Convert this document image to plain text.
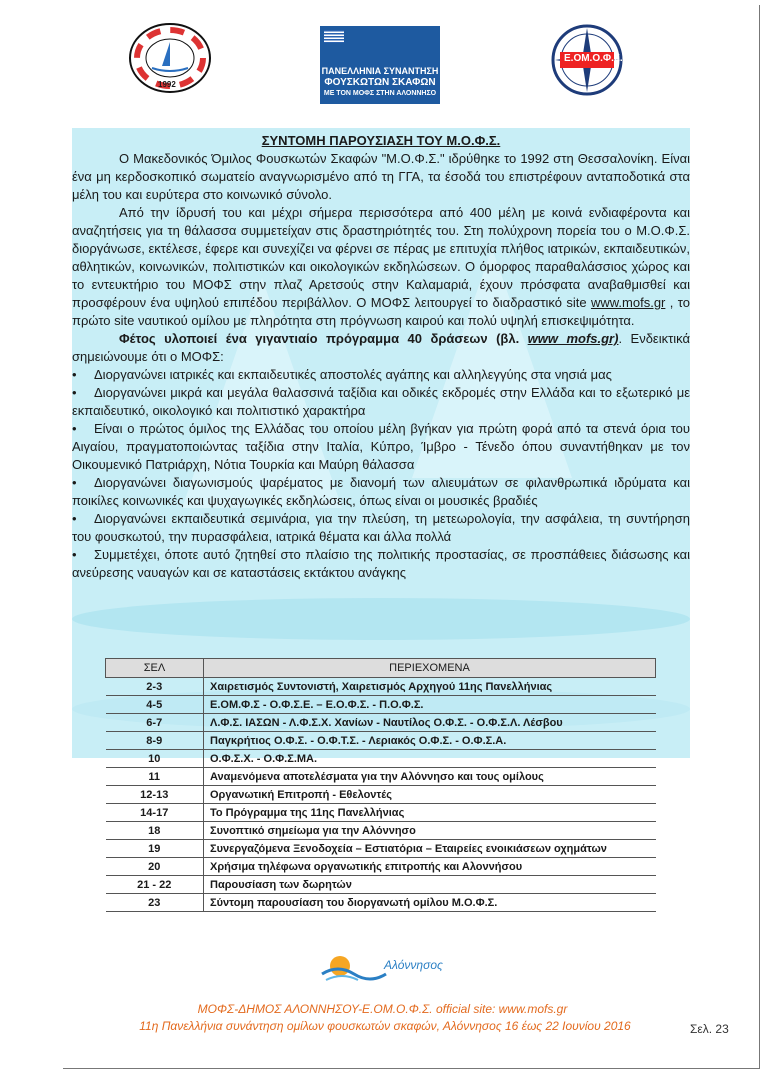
1992
ΠΑΝΕΛΛΗΝΙΑ ΣΥΝΑΝΤΗΣΗ
ΦΟΥΣΚΩΤΩΝ ΣΚΑΦΩΝ
ΜΕ ΤΟΝ ΜΟΦΣ ΣΤΗΝ ΑΛΟΝΝΗΣΟ
Ε.ΟΜ.Ο.Φ.Σ.

ΣΥΝΤΟΜΗ ΠΑΡΟΥΣΙΑΣΗ ΤΟΥ Μ.Ο.Φ.Σ.

Ο Μακεδονικός Όμιλος Φουσκωτών Σκαφών "Μ.Ο.Φ.Σ." ιδρύθηκε το 1992 στη Θεσσαλονίκη. Είναι ένα μη κερδοσκοπικό σωματείο αναγνωρισμένο από τη ΓΓΑ, τα έσοδά του επιστρέφουν ανταποδοτικά στα μέλη του και ευρύτερα στο κοινωνικό σύνολο.

Από την ίδρυσή του και μέχρι σήμερα περισσότερα από 400 μέλη με κοινά ενδιαφέροντα και αναζητήσεις για τη θάλασσα συμμετείχαν στις δραστηριότητές του. Στη πολύχρονη πορεία του ο Μ.Ο.Φ.Σ. διοργάνωσε, εκτέλεσε, έφερε και συνεχίζει να φέρνει σε πέρας με επιτυχία πλήθος ιατρικών, εκπαιδευτικών, αθλητικών, κοινωνικών, πολιτιστικών και οικολογικών εκδηλώσεων. Ο όμορφος παραθαλάσσιος χώρος και το εντευκτήριο του ΜΟΦΣ στην πλαζ Αρετσούς στην Καλαμαριά, έχουν πρόσφατα αναβαθμισθεί και προσφέρουν ένα υψηλού επιπέδου περιβάλλον. Ο ΜΟΦΣ λειτουργεί το διαδραστικό site www.mofs.gr , το πρώτο site ναυτικού ομίλου με πληρότητα στη πρόγνωση καιρού και πολύ υψηλή επισκεψιμότητα.

Φέτος υλοποιεί ένα γιγαντιαίο πρόγραμμα 40 δράσεων (βλ. www mofs.gr). Ενδεικτικά σημειώνουμε ότι ο ΜΟΦΣ:

• Διοργανώνει ιατρικές και εκπαιδευτικές αποστολές αγάπης και αλληλεγγύης στα νησιά μας
• Διοργανώνει μικρά και μεγάλα θαλασσινά ταξίδια και οδικές εκδρομές στην Ελλάδα και το εξωτερικό με εκπαιδευτικό, οικολογικό και πολιτιστικό χαρακτήρα
• Είναι ο πρώτος όμιλος της Ελλάδας του οποίου μέλη βγήκαν για πρώτη φορά από τα στενά όρια του Αιγαίου, πραγματοποιώντας ταξίδια στην Ιταλία, Κύπρο, Ίμβρο - Τένεδο όπου συναντήθηκαν με τον Οικουμενικό Πατριάρχη, Νότια Τουρκία και Μαύρη θάλασσα
• Διοργανώνει διαγωνισμούς ψαρέματος με διανομή των αλιευμάτων σε φιλανθρωπικά ιδρύματα και ποικίλες κοινωνικές και ψυχαγωγικές εκδηλώσεις, όπως είναι οι μουσικές βραδιές
• Διοργανώνει εκπαιδευτικά σεμινάρια, για την πλεύση, τη μετεωρολογία, την ασφάλεια, τη συντήρηση του φουσκωτού, την πυρασφάλεια, ιατρικά θέματα και άλλα πολλά
• Συμμετέχει, όποτε αυτό ζητηθεί στο πλαίσιο της πολιτικής προστασίας, σε προσπάθειες διάσωσης και ανεύρεσης ναυαγών και σε καταστάσεις εκτάκτου ανάγκης
ΣΕΛ	ΠΕΡΙΕΧΟΜΕΝΑ
2-3	Χαιρετισμός Συντονιστή, Χαιρετισμός Αρχηγού 11ης Πανελλήνιας
4-5	Ε.ΟΜ.Φ.Σ - Ο.Φ.Σ.Ε. – Ε.Ο.Φ.Σ. - Π.Ο.Φ.Σ.
6-7	Λ.Φ.Σ. ΙΑΣΩΝ - Λ.Φ.Σ.Χ. Χανίων - Ναυτίλος Ο.Φ.Σ. - Ο.Φ.Σ.Λ. Λέσβου
8-9	Παγκρήτιος Ο.Φ.Σ. - Ο.Φ.Τ.Σ. - Λεριακός Ο.Φ.Σ. - Ο.Φ.Σ.Α.
10	Ο.Φ.Σ.Χ. - Ο.Φ.Σ.ΜΑ.
11	Αναμενόμενα αποτελέσματα για την Αλόννησο και τους ομίλους
12-13	Οργανωτική Επιτροπή - Εθελοντές
14-17	Το Πρόγραμμα της 11ης Πανελλήνιας
18	Συνοπτικό σημείωμα για την Αλόννησο
19	Συνεργαζόμενα Ξενοδοχεία – Εστιατόρια – Εταιρείες ενοικιάσεων οχημάτων
20	Χρήσιμα τηλέφωνα οργανωτικής επιτροπής και Αλοννήσου
21 - 22	Παρουσίαση των δωρητών
23	Σύντομη παρουσίαση του διοργανωτή ομίλου Μ.Ο.Φ.Σ.
Αλόννησος
ΜΟΦΣ-ΔΗΜΟΣ ΑΛΟΝΝΗΣΟΥ-Ε.ΟΜ.Ο.Φ.Σ. official site: www.mofs.gr
11η Πανελλήνια συνάντηση ομίλων φουσκωτών σκαφών, Αλόννησος 16 έως 22 Ιουνίου 2016	Σελ. 23
